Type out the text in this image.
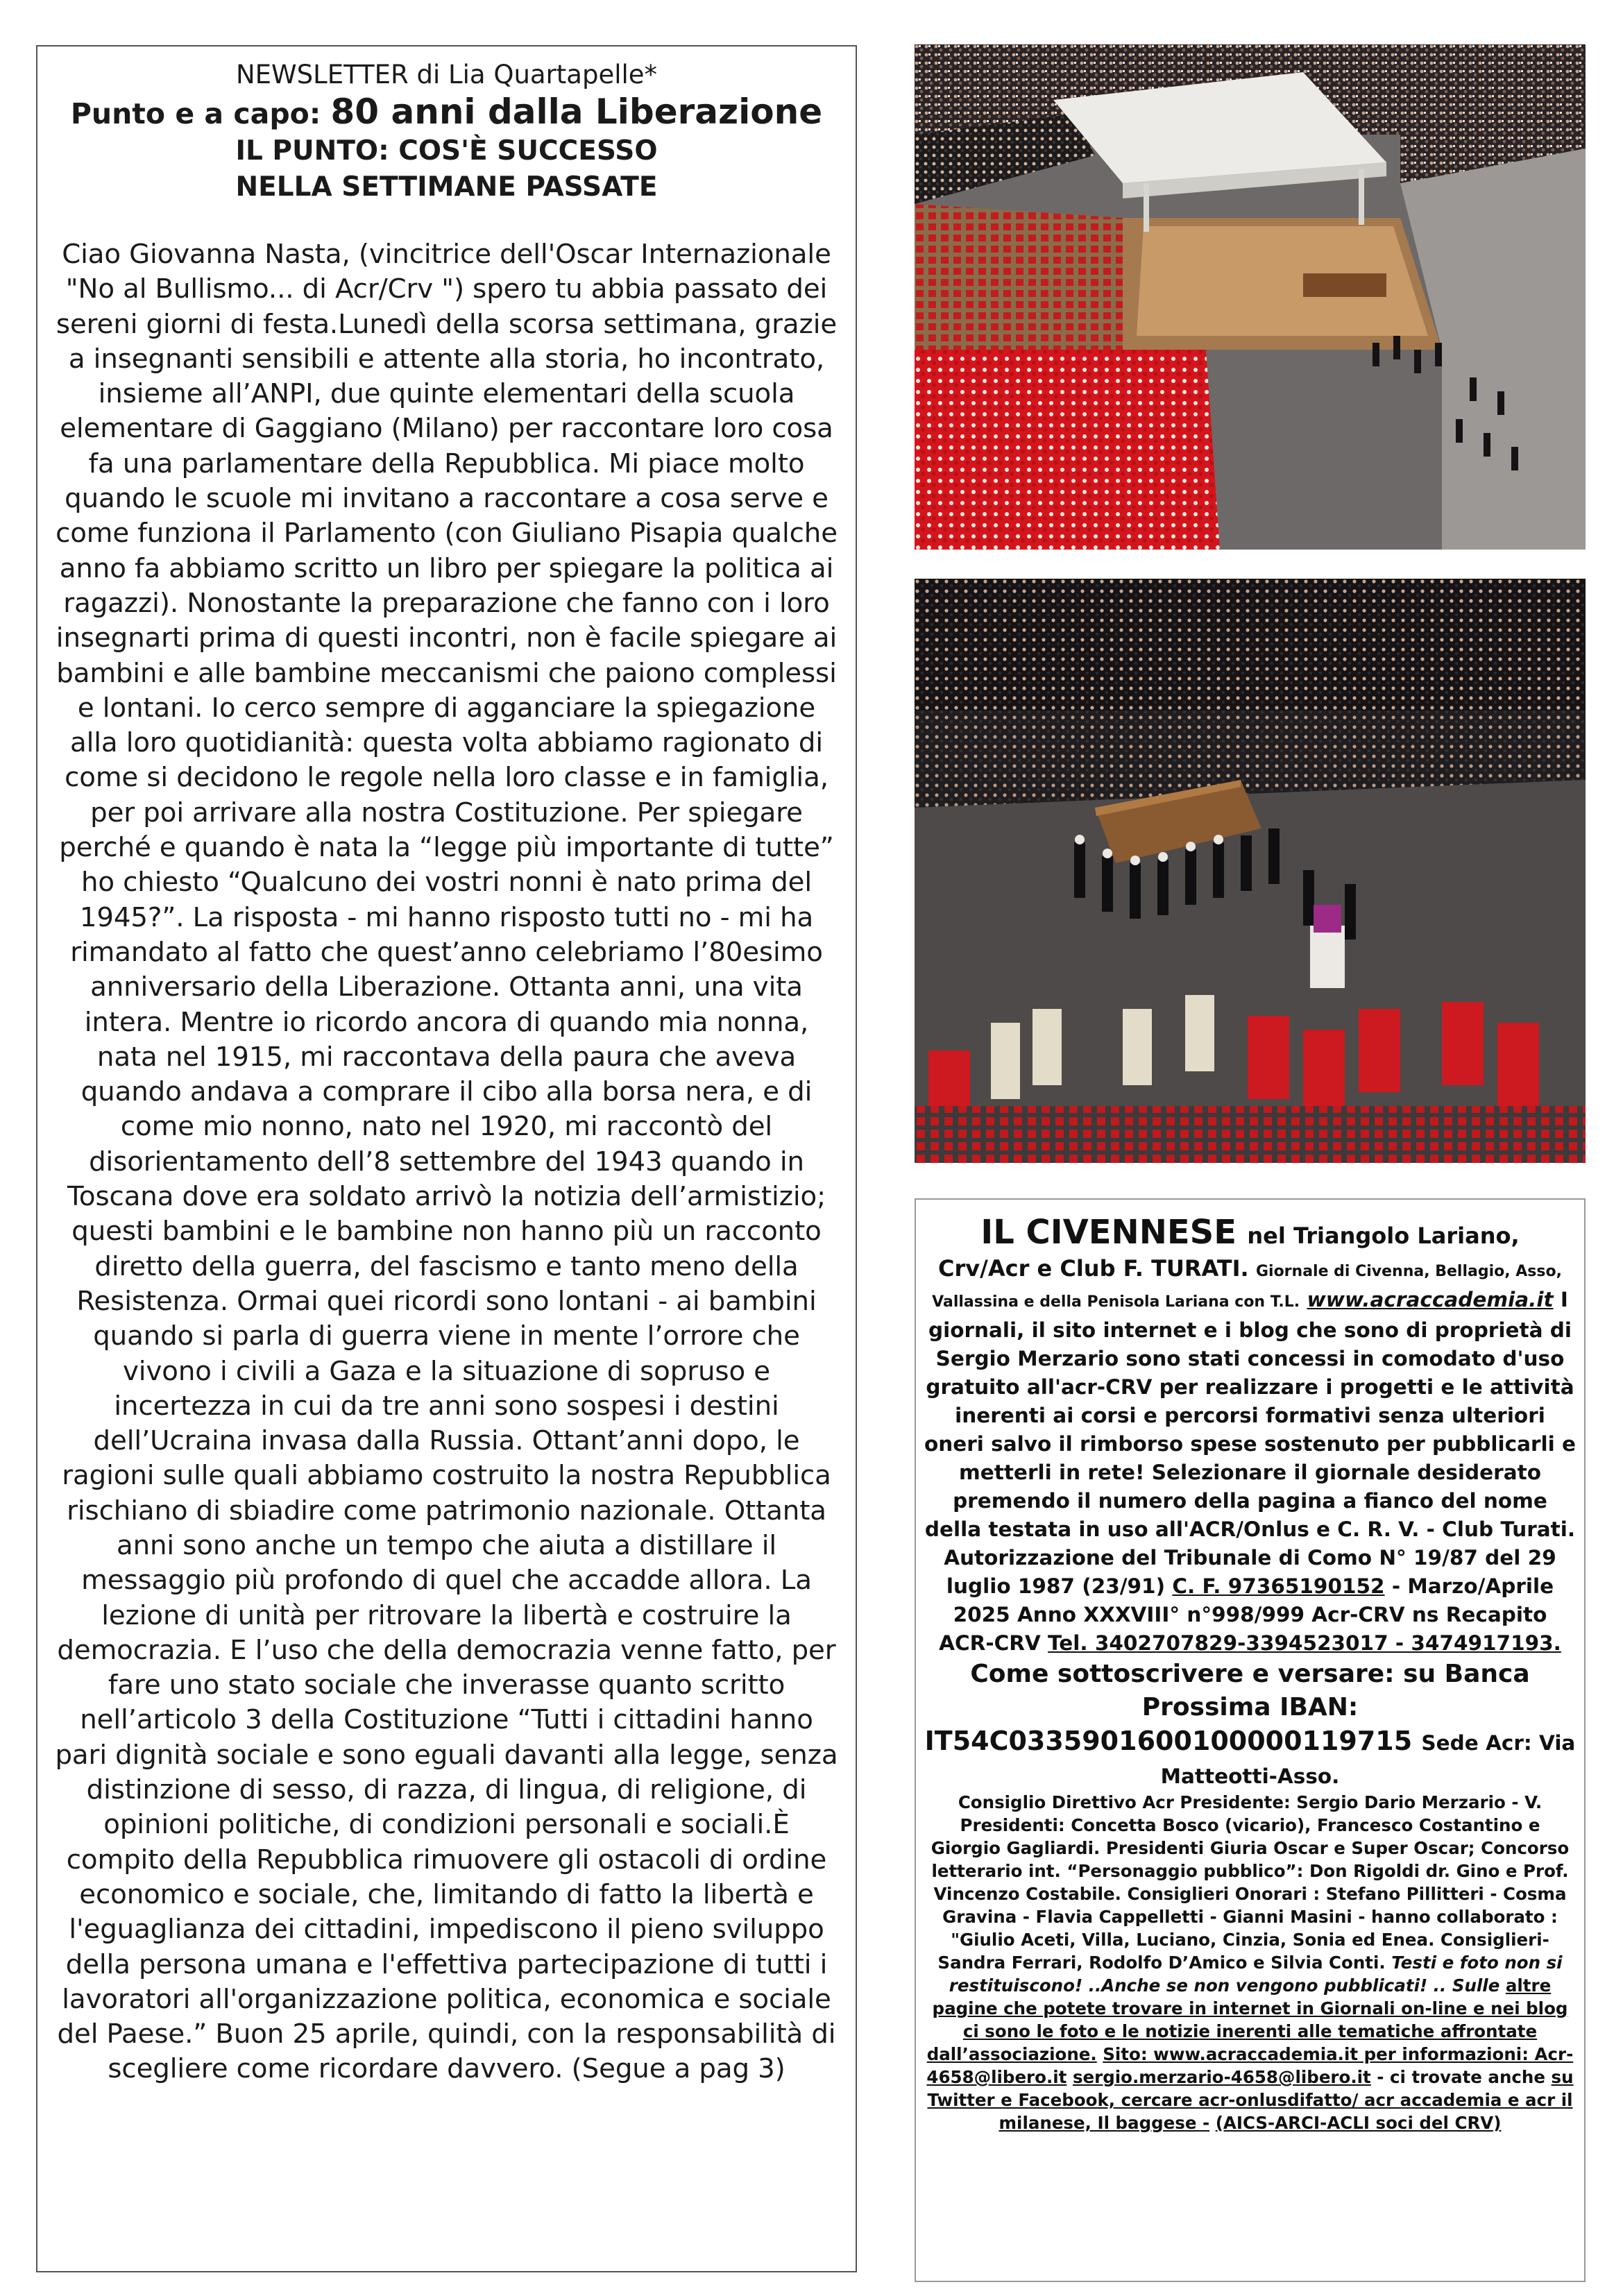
NEWSLETTER di Lia Quartapelle*
Punto e a capo: 80 anni dalla Liberazione
IL PUNTO: COS'È SUCCESSO
NELLA SETTIMANE PASSATE
Ciao Giovanna Nasta, (vincitrice dell'Oscar Internazionale "No al Bullismo... di Acr/Crv ") spero tu abbia passato dei sereni giorni di festa.Lunedì della scorsa settimana, grazie a insegnanti sensibili e attente alla storia, ho incontrato, insieme all’ANPI, due quinte elementari della scuola elementare di Gaggiano (Milano) per raccontare loro cosa fa una parlamentare della Repubblica. Mi piace molto quando le scuole mi invitano a raccontare a cosa serve e come funziona il Parlamento (con Giuliano Pisapia qualche anno fa abbiamo scritto un libro per spiegare la politica ai ragazzi). Nonostante la preparazione che fanno con i loro insegnarti prima di questi incontri, non è facile spiegare ai bambini e alle bambine meccanismi che paiono complessi e lontani. Io cerco sempre di agganciare la spiegazione alla loro quotidianità: questa volta abbiamo ragionato di come si decidono le regole nella loro classe e in famiglia, per poi arrivare alla nostra Costituzione. Per spiegare perché e quando è nata la “legge più importante di tutte” ho chiesto “Qualcuno dei vostri nonni è nato prima del 1945?”. La risposta - mi hanno risposto tutti no - mi ha rimandato al fatto che quest’anno celebriamo l’80esimo anniversario della Liberazione. Ottanta anni, una vita intera. Mentre io ricordo ancora di quando mia nonna, nata nel 1915, mi raccontava della paura che aveva quando andava a comprare il cibo alla borsa nera, e di come mio nonno, nato nel 1920, mi raccontò del disorientamento dell’8 settembre del 1943 quando in Toscana dove era soldato arrivò la notizia dell’armistizio; questi bambini e le bambine non hanno più un racconto diretto della guerra, del fascismo e tanto meno della Resistenza. Ormai quei ricordi sono lontani - ai bambini quando si parla di guerra viene in mente l’orrore che vivono i civili a Gaza e la situazione di sopruso e incertezza in cui da tre anni sono sospesi i destini dell’Ucraina invasa dalla Russia. Ottant’anni dopo, le ragioni sulle quali abbiamo costruito la nostra Repubblica rischiano di sbiadire come patrimonio nazionale. Ottanta anni sono anche un tempo che aiuta a distillare il messaggio più profondo di quel che accadde allora. La lezione di unità per ritrovare la libertà e costruire la democrazia. E l’uso che della democrazia venne fatto, per fare uno stato sociale che inverasse quanto scritto nell’articolo 3 della Costituzione “Tutti i cittadini hanno pari dignità sociale e sono eguali davanti alla legge, senza distinzione di sesso, di razza, di lingua, di religione, di opinioni politiche, di condizioni personali e sociali.È compito della Repubblica rimuovere gli ostacoli di ordine economico e sociale, che, limitando di fatto la libertà e l'eguaglianza dei cittadini, impediscono il pieno sviluppo della persona umana e l'effettiva partecipazione di tutti i lavoratori all'organizzazione politica, economica e sociale del Paese.” Buon 25 aprile, quindi, con la responsabilità di scegliere come ricordare davvero. (Segue a pag 3)
IL CIVENNESE nel Triangolo Lariano,
Crv/Acr e Club F. TURATI. Giornale di Civenna, Bellagio, Asso, Vallassina e della Penisola Lariana con T.L. www.acraccademia.it I giornali, il sito internet e i blog che sono di proprietà di Sergio Merzario sono stati concessi in comodato d'uso gratuito all'acr-CRV per realizzare i progetti e le attività inerenti ai corsi e percorsi formativi senza ulteriori oneri salvo il rimborso spese sostenuto per pubblicarli e metterli in rete! Selezionare il giornale desiderato premendo il numero della pagina a fianco del nome della testata in uso all'ACR/Onlus e C. R. V. - Club Turati. Autorizzazione del Tribunale di Como N° 19/87 del 29 luglio 1987 (23/91) C. F. 97365190152 - Marzo/Aprile 2025 Anno XXXVIII° n°998/999 Acr-CRV ns Recapito ACR-CRV Tel. 3402707829-3394523017 - 3474917193. Come sottoscrivere e versare: su Banca Prossima IBAN:
IT54C0335901600100000119715 Sede Acr: Via Matteotti-Asso.
Consiglio Direttivo Acr Presidente: Sergio Dario Merzario - V. Presidenti: Concetta Bosco (vicario), Francesco Costantino e Giorgio Gagliardi. Presidenti Giuria Oscar e Super Oscar; Concorso letterario int. “Personaggio pubblico”: Don Rigoldi dr. Gino e Prof. Vincenzo Costabile. Consiglieri Onorari : Stefano Pillitteri - Cosma Gravina - Flavia Cappelletti - Gianni Masini - hanno collaborato : "Giulio Aceti, Villa, Luciano, Cinzia, Sonia ed Enea. Consiglieri-Sandra Ferrari, Rodolfo D’Amico e Silvia Conti. Testi e foto non si restituiscono! ..Anche se non vengono pubblicati! .. Sulle altre pagine che potete trovare in internet in Giornali on-line e nei blog ci sono le foto e le notizie inerenti alle tematiche affrontate dall’associazione. Sito: www.acraccademia.it per informazioni: Acr-4658@libero.it sergio.merzario-4658@libero.it - ci trovate anche su Twitter e Facebook, cercare acr-onlusdifatto/ acr accademia e acr il milanese, Il baggese - (AICS-ARCI-ACLI soci del CRV)
